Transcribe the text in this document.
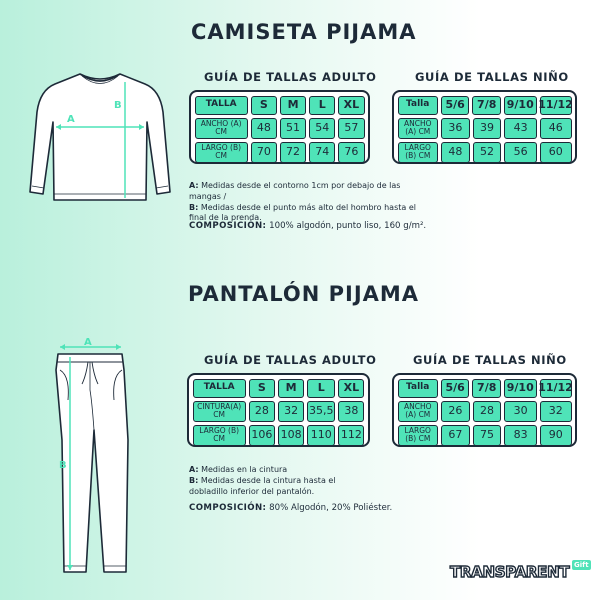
CAMISETA PIJAMA
A
B
GUÍA DE TALLAS ADULTO
TALLA	S	M	L	XL
ANCHO (A) CM	48	51	54	57
LARGO (B) CM	70	72	74	76
GUÍA DE TALLAS NIÑO
Talla	5/6	7/8 9/10 11/12
ANCHO (A) CM	36	39	43	46
LARGO (B) CM	48	52	56	60
A: Medidas desde el contorno 1cm por debajo de las mangas /
B: Medidas desde el punto más alto del hombro hasta el final de la prenda.
COMPOSICIÓN: 100% algodón, punto liso, 160 g/m².
PANTALÓN PIJAMA
A
B
GUÍA DE TALLAS ADULTO
TALLA	S	M	L	XL
CINTURA(A) CM	28	32 35,5 38
LARGO (B) CM	106 108 110 112
GUÍA DE TALLAS NIÑO
Talla	5/6	7/8 9/10 11/12
ANCHO (A) CM	26	28	30	32
LARGO (B) CM	67	75	83	90
A: Medidas en la cintura
B: Medidas desde la cintura hasta el dobladillo inferior del pantalón.
COMPOSICIÓN: 80% Algodón, 20% Poliéster.
TRANSPARENT Gift
